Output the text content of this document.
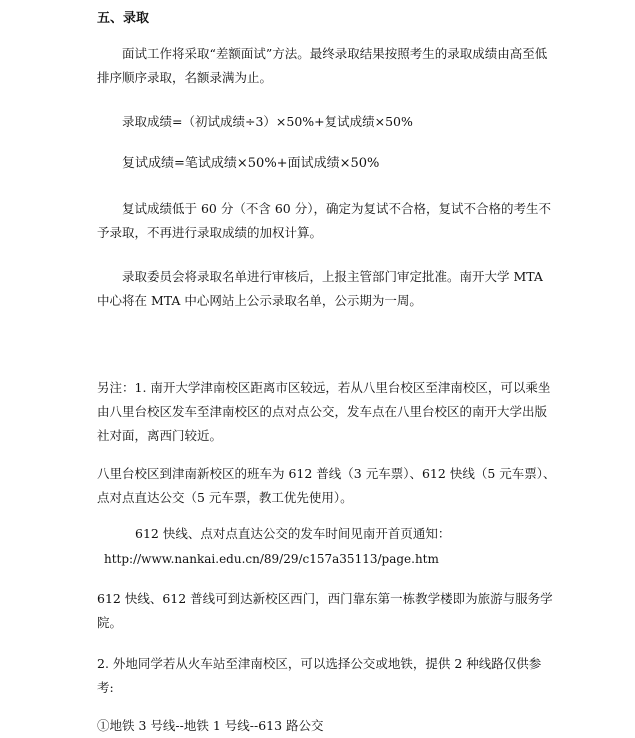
五、录取

面试工作将采取“差额面试”方法。最终录取结果按照考生的录取成绩由高至低排序顺序录取，名额录满为止。

录取成绩=（初试成绩÷3）×50%+复试成绩×50%

复试成绩=笔试成绩×50%+面试成绩×50%

复试成绩低于 60 分（不含 60 分），确定为复试不合格，复试不合格的考生不予录取，不再进行录取成绩的加权计算。

录取委员会将录取名单进行审核后，上报主管部门审定批准。南开大学 MTA 中心将在 MTA 中心网站上公示录取名单，公示期为一周。

另注：1. 南开大学津南校区距离市区较远，若从八里台校区至津南校区，可以乘坐由八里台校区发车至津南校区的点对点公交，发车点在八里台校区的南开大学出版社对面，离西门较近。

八里台校区到津南新校区的班车为 612 普线（3 元车票）、612 快线（5 元车票）、点对点直达公交（5 元车票，教工优先使用）。

612 快线、点对点直达公交的发车时间见南开首页通知：

http://www.nankai.edu.cn/89/29/c157a35113/page.htm

612 快线、612 普线可到达新校区西门，西门靠东第一栋教学楼即为旅游与服务学院。

2. 外地同学若从火车站至津南校区，可以选择公交或地铁，提供 2 种线路仅供参考:

①地铁 3 号线--地铁 1 号线--613 路公交
